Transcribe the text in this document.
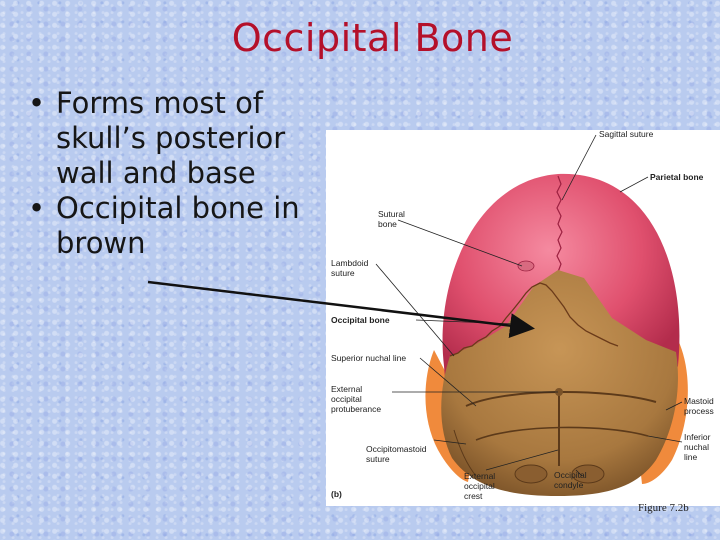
Occipital Bone
• Forms most of skull’s posterior wall and base
• Occipital bone in brown
Sagittal suture
Parietal bone
Sutural
bone
Lambdoid
suture
Occipital bone
Superior nuchal line
External
occipital
protuberance
Mastoid
process
Inferior
nuchal
line
Occipitomastoid
suture
External
occipital
crest
Occipital
condyle
(b)
Figure 7.2b
